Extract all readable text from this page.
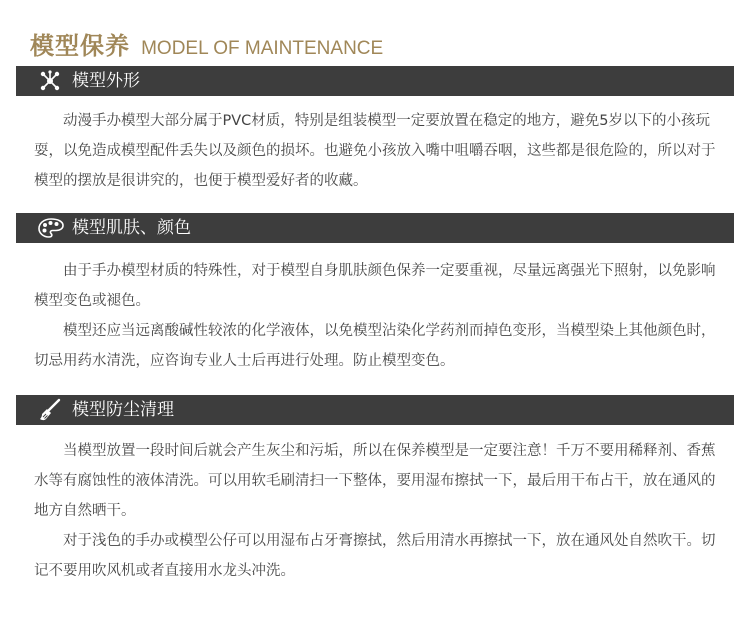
模型保养 MODEL OF MAINTENANCE
模型外形

动漫手办模型大部分属于PVC材质，特别是组装模型一定要放置在稳定的地方，避免5岁以下的小孩玩耍，以免造成模型配件丢失以及颜色的损坏。也避免小孩放入嘴中咀嚼吞咽，这些都是很危险的，所以对于模型的摆放是很讲究的，也便于模型爱好者的收藏。

模型肌肤、颜色

由于手办模型材质的特殊性，对于模型自身肌肤颜色保养一定要重视，尽量远离强光下照射，以免影响模型变色或褪色。

模型还应当远离酸碱性较浓的化学液体，以免模型沾染化学药剂而掉色变形，当模型染上其他颜色时，切忌用药水清洗，应咨询专业人士后再进行处理。防止模型变色。

模型防尘清理

当模型放置一段时间后就会产生灰尘和污垢，所以在保养模型是一定要注意！千万不要用稀释剂、香蕉水等有腐蚀性的液体清洗。可以用软毛刷清扫一下整体，要用湿布擦拭一下，最后用干布占干，放在通风的地方自然晒干。

对于浅色的手办或模型公仔可以用湿布占牙膏擦拭，然后用清水再擦拭一下，放在通风处自然吹干。切记不要用吹风机或者直接用水龙头冲洗。
